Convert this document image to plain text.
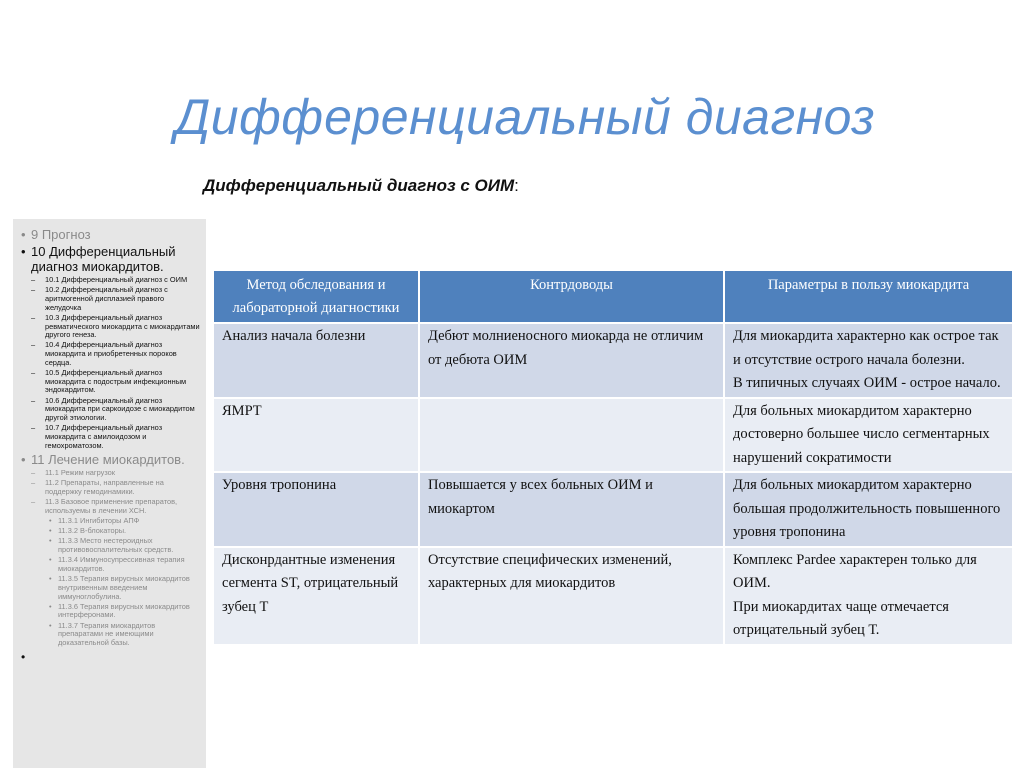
Дифференциальный диагноз
Дифференциальный диагноз с ОИМ:
• 9 Прогноз
• 10 Дифференциальный диагноз миокардитов.
–	10.1 Дифференциальный диагноз с ОИМ
–	10.2 Дифференциальный диагноз с аритмогенной дисплазией правого желудочка
–	10.3 Дифференциальный диагноз ревматического миокардита с миокардитами другого генеза.
–	10.4 Дифференциальный диагноз миокардита и приобретенных пороков сердца.
–	10.5 Дифференциальный диагноз миокардита с подострым инфекционным эндокардитом.
–	10.6 Дифференциальный диагноз миокардита при саркоидозе с миокардитом другой этиологии.
–	10.7 Дифференциальный диагноз миокардита с амилоидозом и гемохроматозом.
• 11 Лечение миокардитов.
–	11.1 Режим нагрузок
–	11.2 Препараты, направленные на поддержку гемодинамики.
–	11.3 Базовое применение препаратов, используемы в лечении ХСН.
• 11.3.1 Ингибиторы АПФ
• 11.3.2 В-блокаторы.
• 11.3.3 Место нестероидных противовоспалительных средств.
• 11.3.4 Иммуносупрессивная терапия миокардитов.
• 11.3.5 Терапия вирусных миокардитов внутривенным введением иммуноглобулина.
• 11.3.6 Терапия вирусных миокардитов интерферонами.
• 11.3.7 Терапия миокардитов препаратами не имеющими доказательной базы.
•
Метод обследования и лабораторной диагностики	Контрдоводы	Параметры в пользу миокардита
Анализ начала болезни	Дебют молниеносного миокарда не отличим от дебюта ОИМ	Для миокардита характерно как острое так и отсутствие острого начала болезни.
В типичных случаях ОИМ - острое начало.

ЯМРТ		Для больных миокардитом характерно достоверно большее число сегментарных нарушений сократимости

Уровня тропонина	Повышается у всех больных ОИМ и миокартом	Для больных миокардитом характерно большая продолжительность повышенного уровня тропонина

Дисконрдантные изменения сегмента ST, отрицательный зубец Т	Отсутствие специфических изменений, характерных для миокардитов	Комплекс Pardee характерен только для ОИМ.
При миокардитах чаще отмечается отрицательный зубец Т.
